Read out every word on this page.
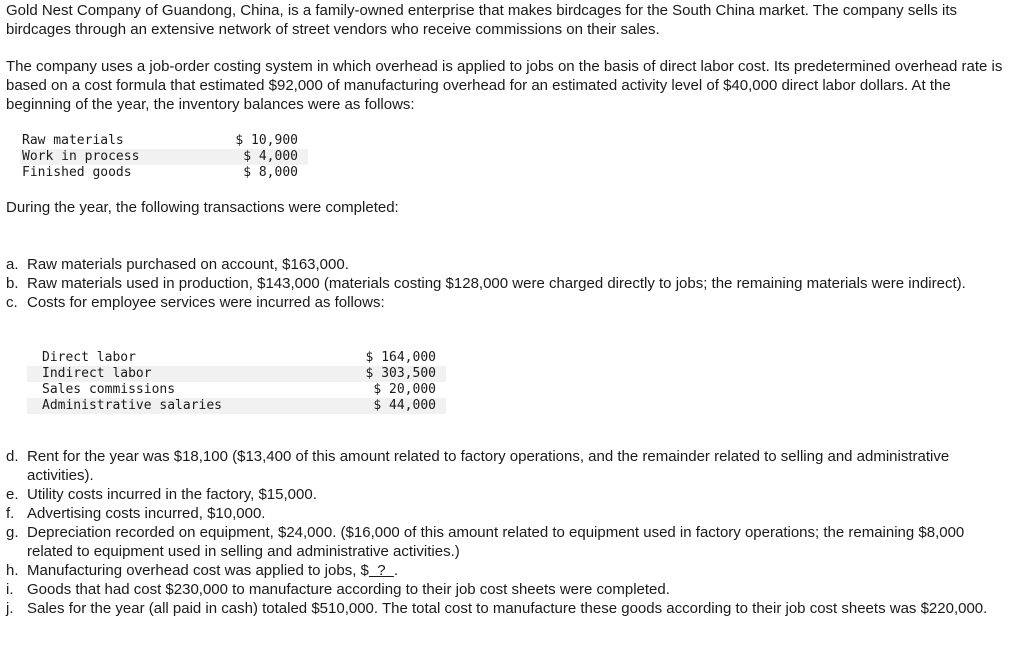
Gold Nest Company of Guandong, China, is a family-owned enterprise that makes birdcages for the South China market. The company sells its birdcages through an extensive network of street vendors who receive commissions on their sales.

The company uses a job-order costing system in which overhead is applied to jobs on the basis of direct labor cost. Its predetermined overhead rate is based on a cost formula that estimated $92,000 of manufacturing overhead for an estimated activity level of $40,000 direct labor dollars. At the beginning of the year, the inventory balances were as follows:

Raw materials	$ 10,900
Work in process	$ 4,000
Finished goods	$ 8,000

During the year, the following transactions were completed:

a. Raw materials purchased on account, $163,000.
b. Raw materials used in production, $143,000 (materials costing $128,000 were charged directly to jobs; the remaining materials were indirect).
c. Costs for employee services were incurred as follows:
Direct labor	$ 164,000
Indirect labor	$ 303,500
Sales commissions	$ 20,000
Administrative salaries	$ 44,000
d. Rent for the year was $18,100 ($13,400 of this amount related to factory operations, and the remainder related to selling and administrative activities).
e. Utility costs incurred in the factory, $15,000.
f. Advertising costs incurred, $10,000.
g. Depreciation recorded on equipment, $24,000. ($16,000 of this amount related to equipment used in factory operations; the remaining $8,000 related to equipment used in selling and administrative activities.)
h. Manufacturing overhead cost was applied to jobs, $  ?  .
i. Goods that had cost $230,000 to manufacture according to their job cost sheets were completed.
j. Sales for the year (all paid in cash) totaled $510,000. The total cost to manufacture these goods according to their job cost sheets was $220,000.
